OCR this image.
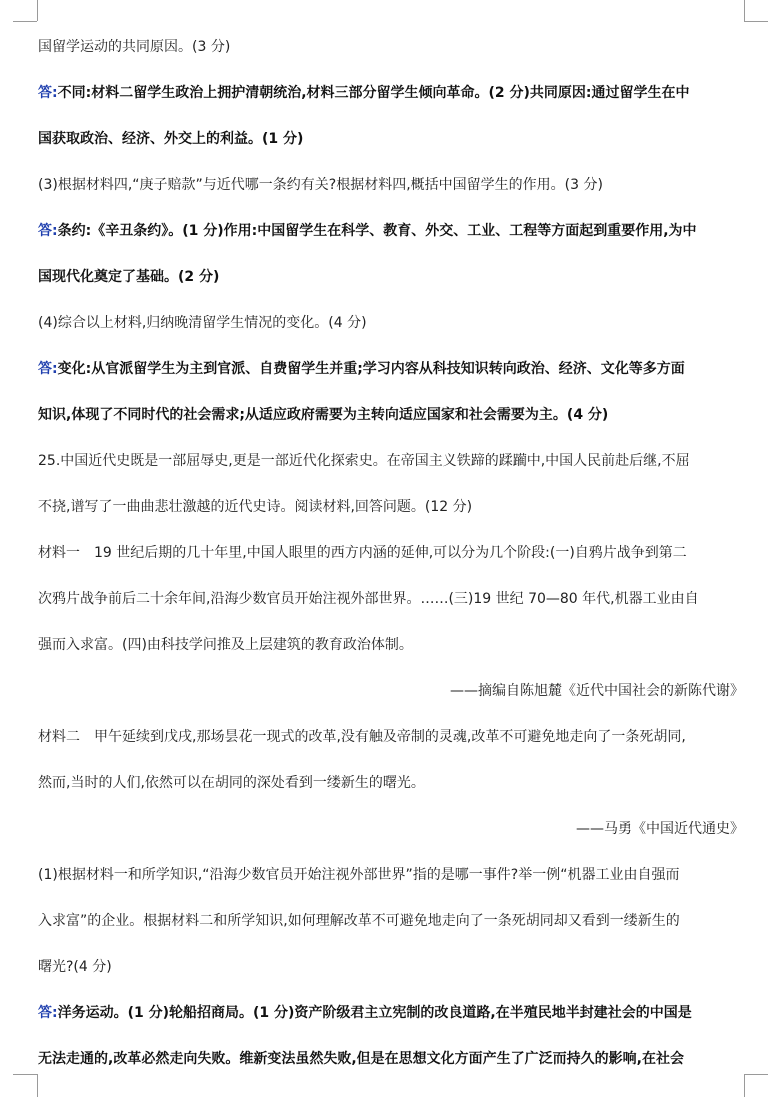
国留学运动的共同原因。(3 分)
答:不同:材料二留学生政治上拥护清朝统治,材料三部分留学生倾向革命。(2 分)共同原因:通过留学生在中
国获取政治、经济、外交上的利益。(1 分)
(3)根据材料四,“庚子赔款”与近代哪一条约有关?根据材料四,概括中国留学生的作用。(3 分)
答:条约:《辛丑条约》。(1 分)作用:中国留学生在科学、教育、外交、工业、工程等方面起到重要作用,为中
国现代化奠定了基础。(2 分)
(4)综合以上材料,归纳晚清留学生情况的变化。(4 分)
答:变化:从官派留学生为主到官派、自费留学生并重;学习内容从科技知识转向政治、经济、文化等多方面
知识,体现了不同时代的社会需求;从适应政府需要为主转向适应国家和社会需要为主。(4 分)
25.中国近代史既是一部屈辱史,更是一部近代化探索史。在帝国主义铁蹄的蹂躏中,中国人民前赴后继,不屈
不挠,谱写了一曲曲悲壮激越的近代史诗。阅读材料,回答问题。(12 分)
材料一　19 世纪后期的几十年里,中国人眼里的西方内涵的延伸,可以分为几个阶段:(一)自鸦片战争到第二
次鸦片战争前后二十余年间,沿海少数官员开始注视外部世界。……(三)19 世纪 70—80 年代,机器工业由自
强而入求富。(四)由科技学问推及上层建筑的教育政治体制。
——摘编自陈旭麓《近代中国社会的新陈代谢》
材料二　甲午延续到戊戌,那场昙花一现式的改革,没有触及帝制的灵魂,改革不可避免地走向了一条死胡同,
然而,当时的人们,依然可以在胡同的深处看到一缕新生的曙光。
——马勇《中国近代通史》
(1)根据材料一和所学知识,“沿海少数官员开始注视外部世界”指的是哪一事件?举一例“机器工业由自强而
入求富”的企业。根据材料二和所学知识,如何理解改革不可避免地走向了一条死胡同却又看到一缕新生的
曙光?(4 分)
答:洋务运动。(1 分)轮船招商局。(1 分)资产阶级君主立宪制的改良道路,在半殖民地半封建社会的中国是
无法走通的,改革必然走向失败。维新变法虽然失败,但是在思想文化方面产生了广泛而持久的影响,在社会
